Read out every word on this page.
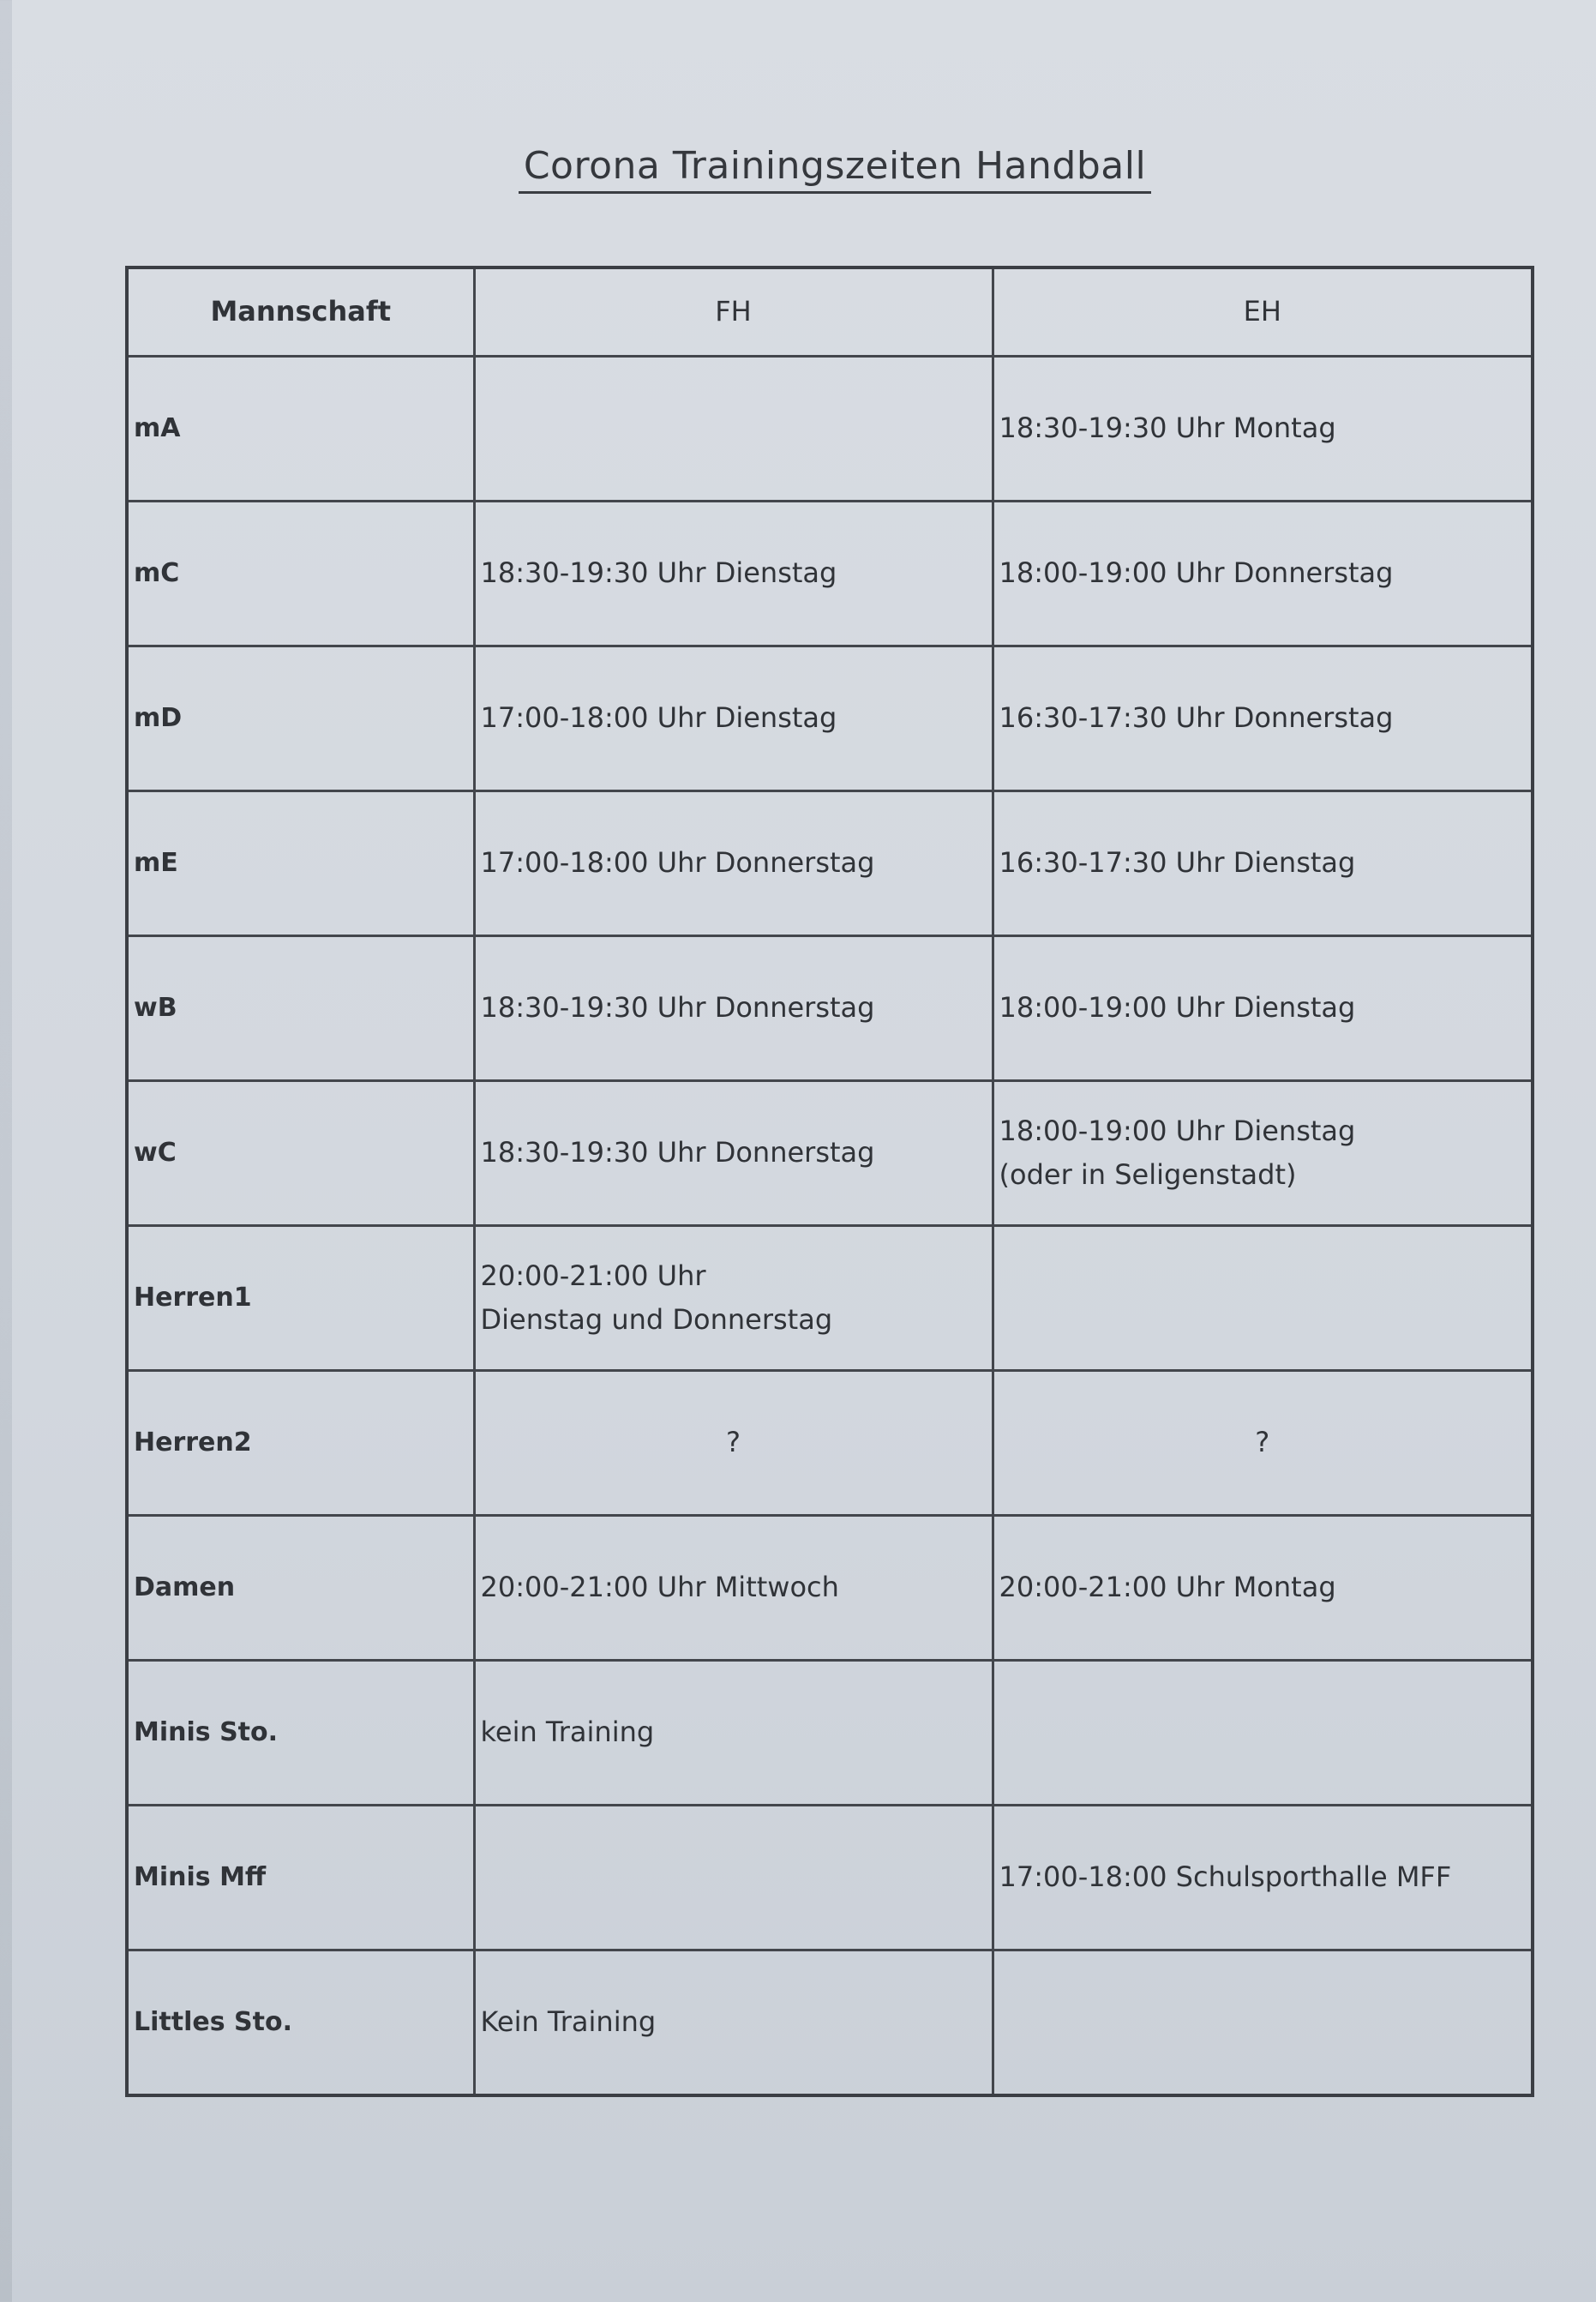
Corona Trainingszeiten Handball
Mannschaft	FH	EH
mA		18:30-19:30 Uhr Montag
mC	18:30-19:30 Uhr Dienstag	18:00-19:00 Uhr Donnerstag
mD	17:00-18:00 Uhr Dienstag	16:30-17:30 Uhr Donnerstag
mE	17:00-18:00 Uhr Donnerstag	16:30-17:30 Uhr Dienstag
wB	18:30-19:30 Uhr Donnerstag	18:00-19:00 Uhr Dienstag
wC	18:30-19:30 Uhr Donnerstag	18:00-19:00 Uhr Dienstag
(oder in Seligenstadt)

Herren1	20:00-21:00 Uhr
Dienstag und Donnerstag	

Herren2	?	?
Damen	20:00-21:00 Uhr Mittwoch	20:00-21:00 Uhr Montag
Minis Sto.	kein Training	
Minis Mff		17:00-18:00 Schulsporthalle MFF
Littles Sto.	Kein Training	
